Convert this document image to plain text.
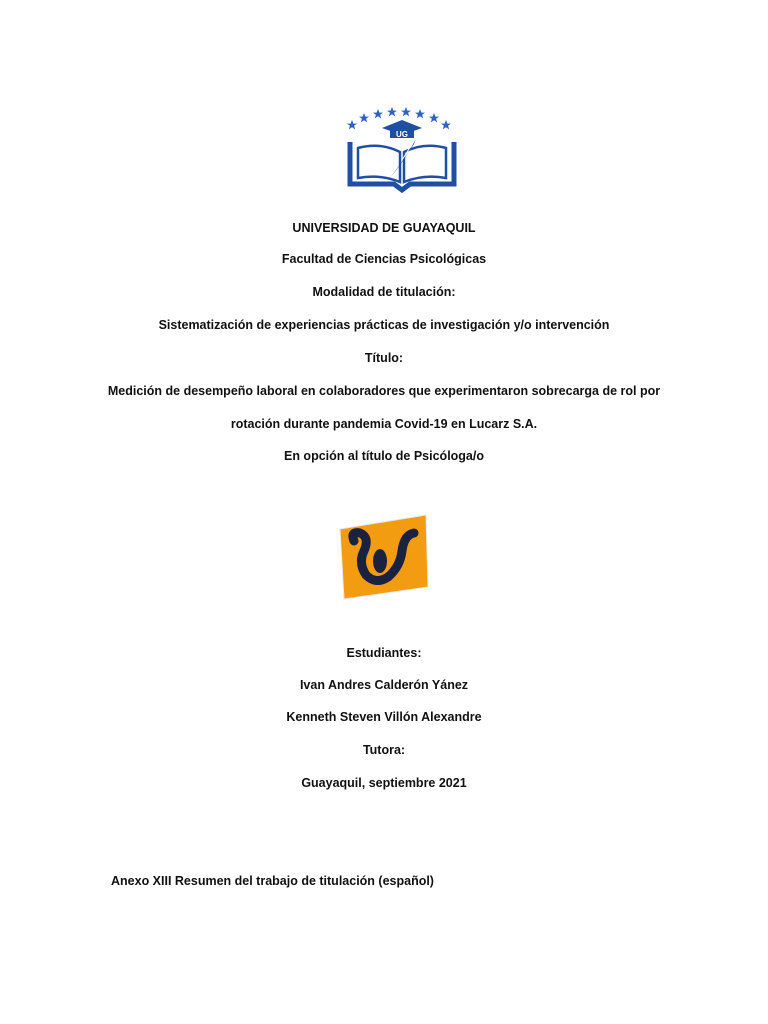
UG
UNIVERSIDAD DE GUAYAQUIL
Facultad de Ciencias Psicológicas
Modalidad de titulación:
Sistematización de experiencias prácticas de investigación y/o intervención
Título:
Medición de desempeño laboral en colaboradores que experimentaron sobrecarga de rol por
rotación durante pandemia Covid-19 en Lucarz S.A.
En opción al título de Psicóloga/o
Estudiantes:
Ivan Andres Calderón Yánez
Kenneth Steven Villón Alexandre
Tutora:
Guayaquil, septiembre 2021
Anexo XIII Resumen del trabajo de titulación (español)
